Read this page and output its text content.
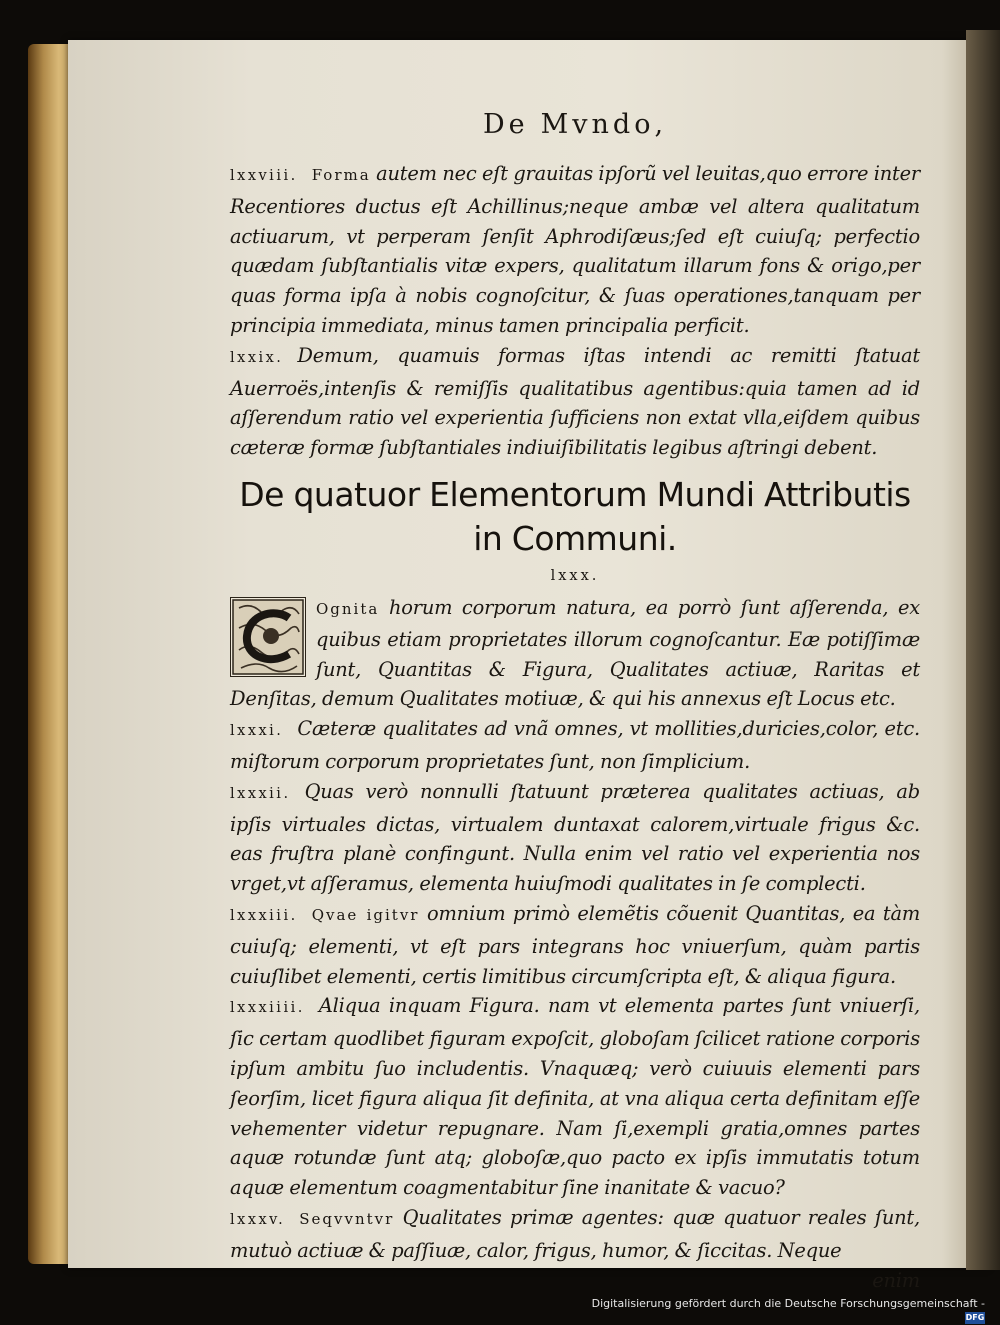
De Mvndo,

lxxviii. Forma autem nec eſt grauitas ipſorũ vel leuitas,quo errore inter Recentiores ductus eſt Achillinus;neque ambæ vel altera qualitatum actiuarum, vt perperam ſenſit Aphrodiſæus;ſed eſt cuiuſq; perfectio quædam ſubſtantialis vitæ expers, qualitatum illarum fons & origo,per quas forma ipſa à nobis cognoſcitur, & ſuas operationes,tanquam per principia immediata, minus tamen principalia perficit.

lxxix. Demum, quamuis formas iſtas intendi ac remitti ſtatuat Auerroës,intenſis & remiſſis qualitatibus agentibus:quia tamen ad id aſſerendum ratio vel experientia ſufficiens non extat vlla,eiſdem quibus cæteræ formæ ſubſtantiales indiuiſibilitatis legibus aſtringi debent.

De quatuor Elementorum Mundi Attributis in Communi.
lxxx.

Ognita horum corporum natura, ea porrò ſunt aſſerenda, ex quibus etiam proprietates illorum cognoſcantur. Eæ potiſſimæ ſunt, Quantitas & Figura, Qualitates actiuæ, Raritas et Denſitas, demum Qualitates motiuæ, & qui his annexus eſt Locus etc.

lxxxi. Cæteræ qualitates ad vnã omnes, vt mollities,duricies,color, etc. miſtorum corporum proprietates ſunt, non ſimplicium.

lxxxii. Quas verò nonnulli ſtatuunt præterea qualitates actiuas, ab ipſis virtuales dictas, virtualem duntaxat calorem,virtuale frigus &c. eas fruſtra planè confingunt. Nulla enim vel ratio vel experientia nos vrget,vt aſſeramus, elementa huiuſmodi qualitates in ſe complecti.

lxxxiii. Qvae igitvr omnium primò elemẽtis cõuenit Quantitas, ea tàm cuiuſq; elementi, vt eſt pars integrans hoc vniuerſum, quàm partis cuiuſlibet elementi, certis limitibus circumſcripta eſt, & aliqua figura.

lxxxiiii. Aliqua inquam Figura. nam vt elementa partes ſunt vniuerſi, ſic certam quodlibet figuram expoſcit, globoſam ſcilicet ratione corporis ipſum ambitu ſuo includentis. Vnaquæq; verò cuiuuis elementi pars ſeorſim, licet figura aliqua ſit definita, at vna aliqua certa definitam eſſe vehementer videtur repugnare. Nam ſi,exempli gratia,omnes partes aquæ rotundæ ſunt atq; globoſæ,quo pacto ex ipſis immutatis totum aquæ elementum coagmentabitur ſine inanitate & vacuo?

lxxxv. Seqvvntvr Qualitates primæ agentes: quæ quatuor reales ſunt, mutuò actiuæ & paſſiuæ, calor, frigus, humor, & ſiccitas. Neque

enim

Digitalisierung gefördert durch die Deutsche Forschungsgemeinschaft -DFG
